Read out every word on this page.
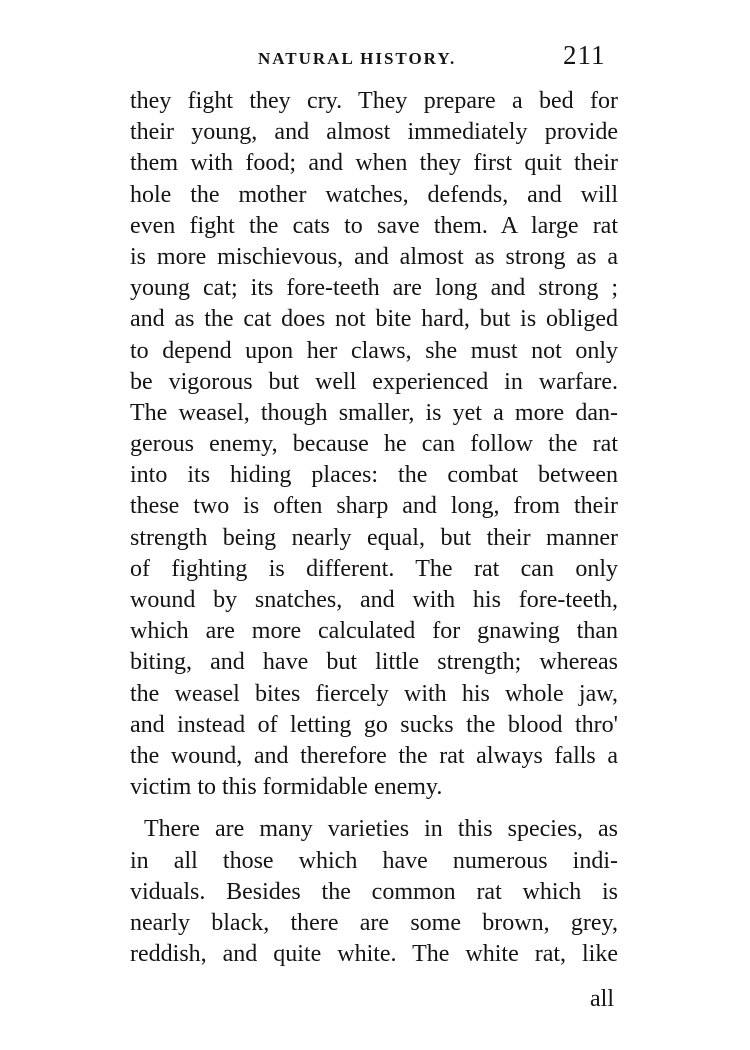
NATURAL HISTORY.	211
they fight they cry. They prepare a bed for
their young, and almost immediately provide
them with food; and when they first quit their
hole the mother watches, defends, and will
even fight the cats to save them. A large rat
is more mischievous, and almost as strong as a
young cat; its fore-teeth are long and strong ;
and as the cat does not bite hard, but is obliged
to depend upon her claws, she must not only
be vigorous but well experienced in warfare.
The weasel, though smaller, is yet a more dan-
gerous enemy, because he can follow the rat
into its hiding places: the combat between
these two is often sharp and long, from their
strength being nearly equal, but their manner
of fighting is different. The rat can only
wound by snatches, and with his fore-teeth,
which are more calculated for gnawing than
biting, and have but little strength; whereas
the weasel bites fiercely with his whole jaw,
and instead of letting go sucks the blood thro'
the wound, and therefore the rat always falls a
victim to this formidable enemy.
There are many varieties in this species, as
in all those which have numerous indi-
viduals. Besides the common rat which is
nearly black, there are some brown, grey,
reddish, and quite white. The white rat, like
all
